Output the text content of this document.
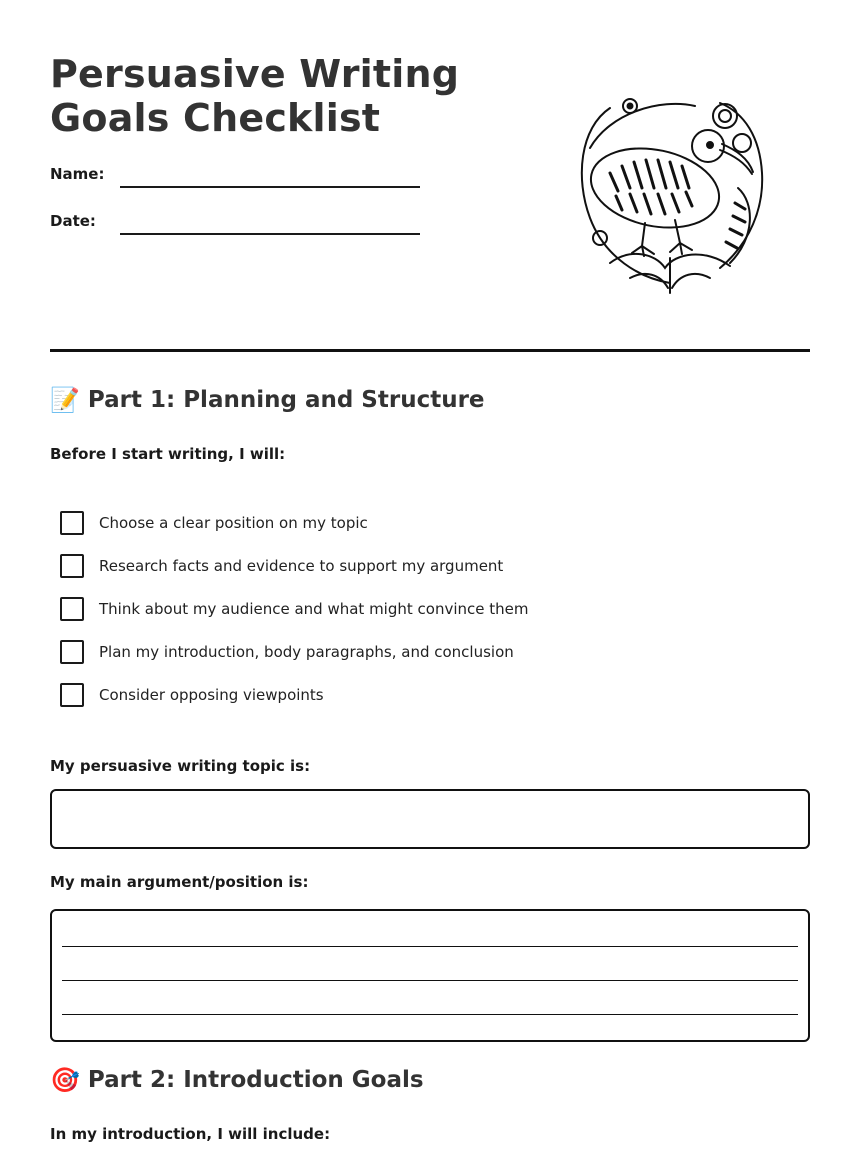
Persuasive Writing
Goals Checklist
Name:
Date:
📝 Part 1: Planning and Structure
Before I start writing, I will:
Choose a clear position on my topic
Research facts and evidence to support my argument
Think about my audience and what might convince them
Plan my introduction, body paragraphs, and conclusion
Consider opposing viewpoints
My persuasive writing topic is:
My main argument/position is:
🎯 Part 2: Introduction Goals
In my introduction, I will include:
